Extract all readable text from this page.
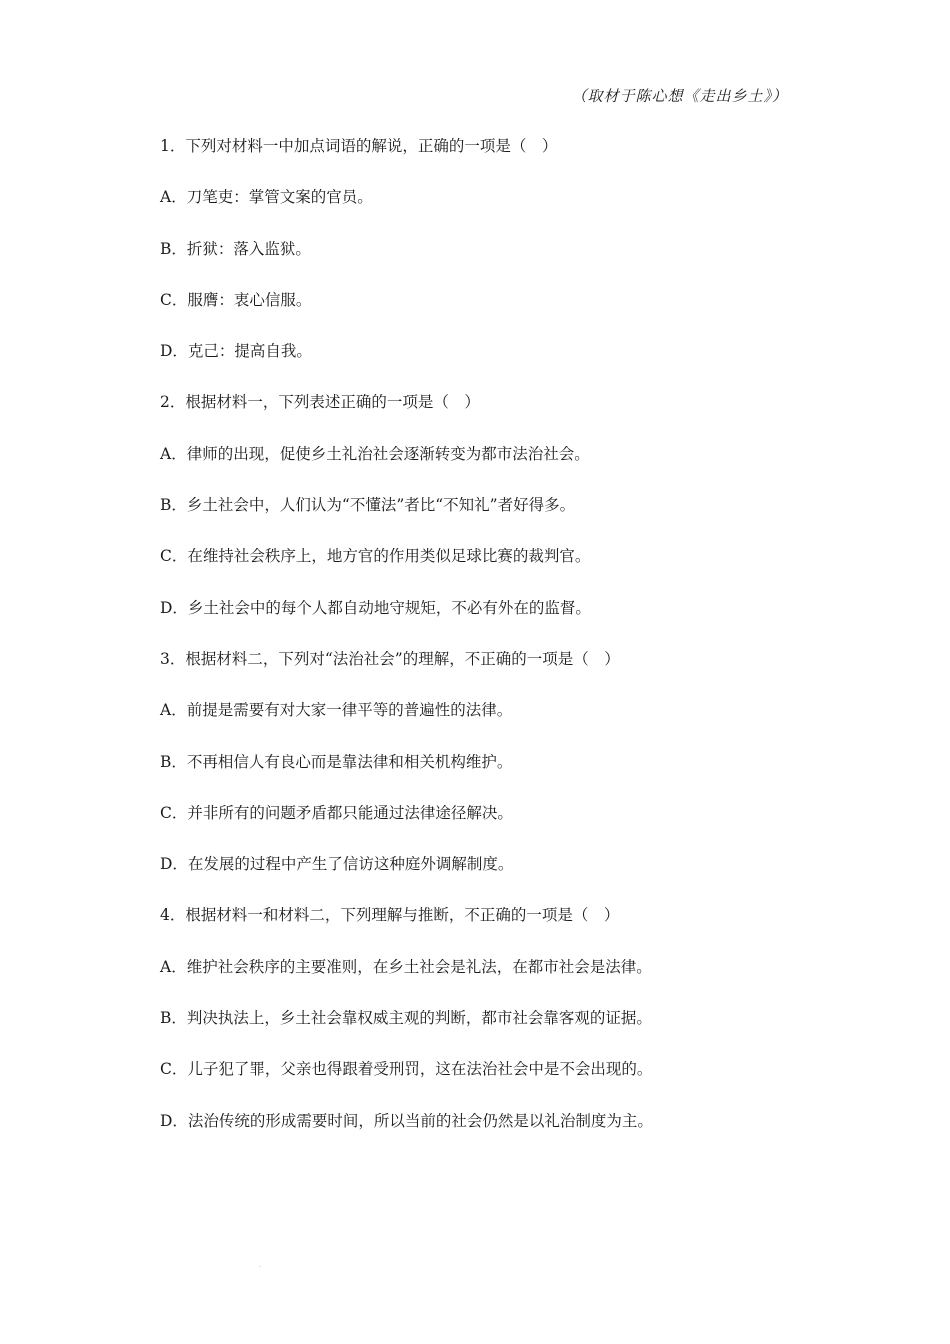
（取材于陈心想《走出乡土》）
1．下列对材料一中加点词语的解说，正确的一项是（　）
A．刀笔吏：掌管文案的官员。
B．折狱：落入监狱。
C．服膺：衷心信服。
D．克己：提高自我。
2．根据材料一，下列表述正确的一项是（　）
A．律师的出现，促使乡土礼治社会逐渐转变为都市法治社会。
B．乡土社会中，人们认为“不懂法”者比“不知礼”者好得多。
C．在维持社会秩序上，地方官的作用类似足球比赛的裁判官。
D．乡土社会中的每个人都自动地守规矩，不必有外在的监督。
3．根据材料二，下列对“法治社会”的理解，不正确的一项是（　）
A．前提是需要有对大家一律平等的普遍性的法律。
B．不再相信人有良心而是靠法律和相关机构维护。
C．并非所有的问题矛盾都只能通过法律途径解决。
D．在发展的过程中产生了信访这种庭外调解制度。
4．根据材料一和材料二，下列理解与推断，不正确的一项是（　）
A．维护社会秩序的主要准则，在乡土社会是礼法，在都市社会是法律。
B．判决执法上，乡土社会靠权威主观的判断，都市社会靠客观的证据。
C．儿子犯了罪，父亲也得跟着受刑罚，这在法治社会中是不会出现的。
D．法治传统的形成需要时间，所以当前的社会仍然是以礼治制度为主。
.
